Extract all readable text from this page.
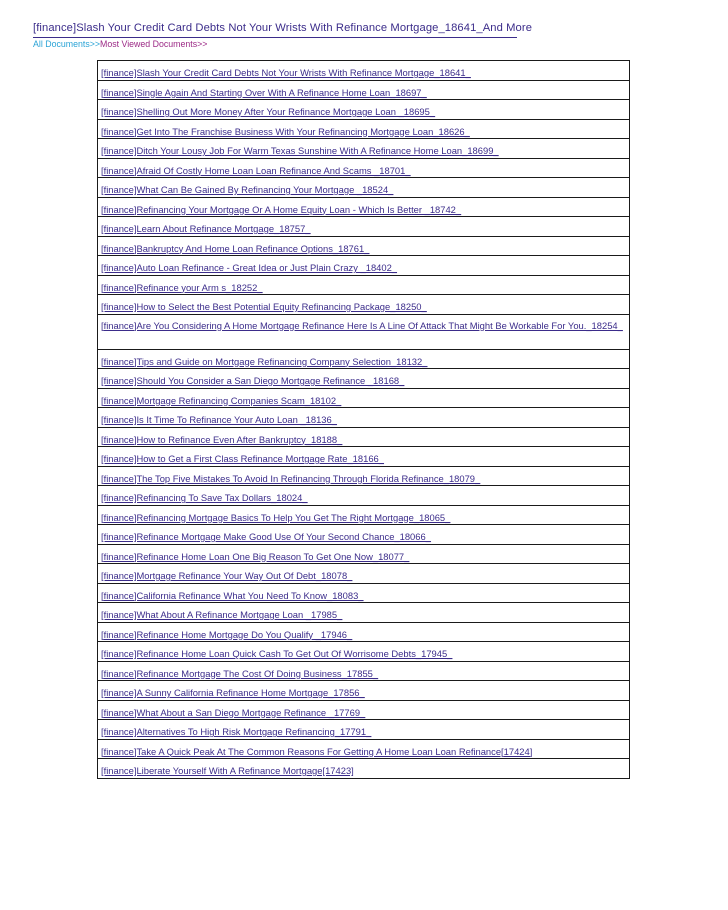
[finance]Slash Your Credit Card Debts Not Your Wrists With Refinance Mortgage_18641_And More
All Documents>>Most Viewed Documents>>
[finance]Slash Your Credit Card Debts Not Your Wrists With Refinance Mortgage_18641_
[finance]Single Again And Starting Over With A Refinance Home Loan_18697_
[finance]Shelling Out More Money After Your Refinance Mortgage Loan _18695_
[finance]Get Into The Franchise Business With Your Refinancing Mortgage Loan_18626_
[finance]Ditch Your Lousy Job For Warm Texas Sunshine With A Refinance Home Loan_18699_
[finance]Afraid Of Costly Home Loan Loan Refinance And Scams _18701_
[finance]What Can Be Gained By Refinancing Your Mortgage _18524_
[finance]Refinancing Your Mortgage Or A Home Equity Loan - Which Is Better _18742_
[finance]Learn About Refinance Mortgage_18757_
[finance]Bankruptcy And Home Loan Refinance Options_18761_
[finance]Auto Loan Refinance - Great Idea or Just Plain Crazy _18402_
[finance]Refinance your Arm s_18252_
[finance]How to Select the Best Potential Equity Refinancing Package_18250_
[finance]Are You Considering A Home Mortgage Refinance Here Is A Line Of Attack That Might Be Workable For You._18254_
[finance]Tips and Guide on Mortgage Refinancing Company Selection_18132_
[finance]Should You Consider a San Diego Mortgage Refinance _18168_
[finance]Mortgage Refinancing Companies Scam_18102_
[finance]Is It Time To Refinance Your Auto Loan _18136_
[finance]How to Refinance Even After Bankruptcy_18188_
[finance]How to Get a First Class Refinance Mortgage Rate_18166_
[finance]The Top Five Mistakes To Avoid In Refinancing Through Florida Refinance_18079_
[finance]Refinancing To Save Tax Dollars_18024_
[finance]Refinancing Mortgage Basics To Help You Get The Right Mortgage_18065_
[finance]Refinance Mortgage Make Good Use Of Your Second Chance_18066_
[finance]Refinance Home Loan One Big Reason To Get One Now_18077_
[finance]Mortgage Refinance Your Way Out Of Debt_18078_
[finance]California Refinance What You Need To Know_18083_
[finance]What About A Refinance Mortgage Loan _17985_
[finance]Refinance Home Mortgage Do You Qualify _17946_
[finance]Refinance Home Loan Quick Cash To Get Out Of Worrisome Debts_17945_
[finance]Refinance Mortgage The Cost Of Doing Business_17855_
[finance]A Sunny California Refinance Home Mortgage_17856_
[finance]What About a San Diego Mortgage Refinance _17769_
[finance]Alternatives To High Risk Mortgage Refinancing_17791_
[finance]Take A Quick Peak At The Common Reasons For Getting A Home Loan Loan Refinance[17424]
[finance]Liberate Yourself With A Refinance Mortgage[17423]
